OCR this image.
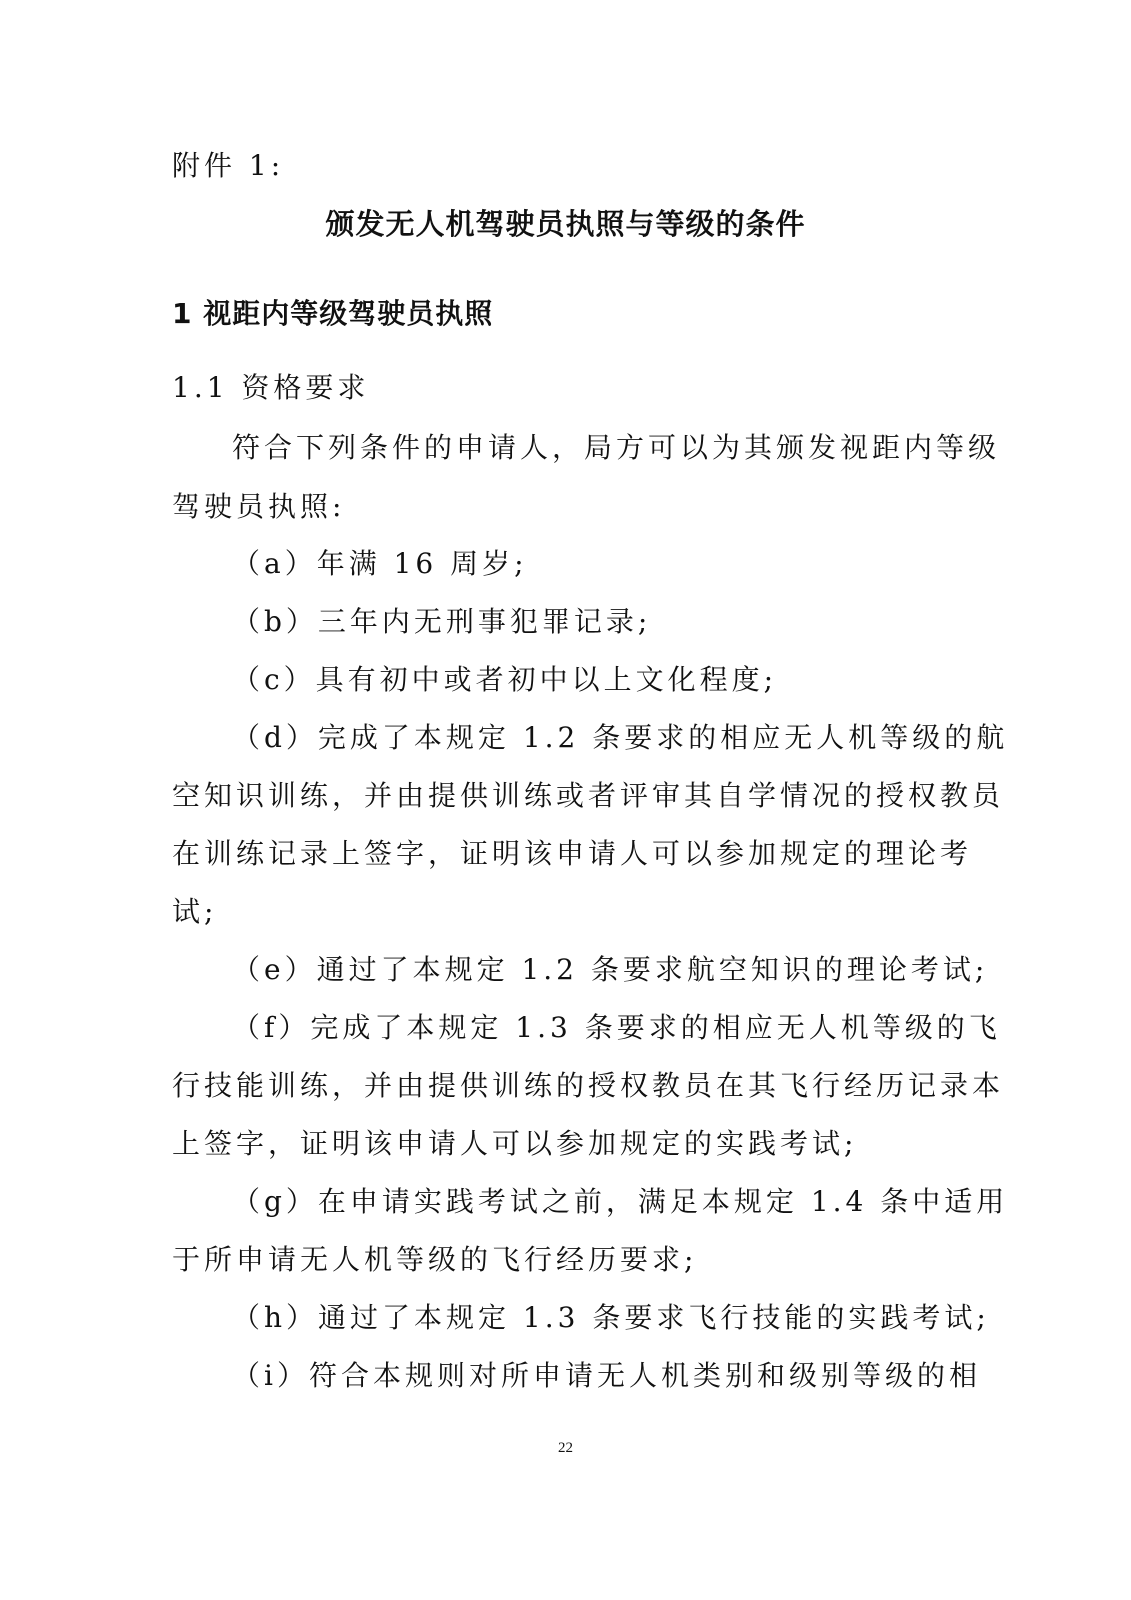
附件 1:
颁发无人机驾驶员执照与等级的条件
1 视距内等级驾驶员执照
1.1 资格要求
符合下列条件的申请人，局方可以为其颁发视距内等级
驾驶员执照:
（a）年满 16 周岁;
（b）三年内无刑事犯罪记录;
（c）具有初中或者初中以上文化程度;
（d）完成了本规定 1.2 条要求的相应无人机等级的航
空知识训练，并由提供训练或者评审其自学情况的授权教员
在训练记录上签字，证明该申请人可以参加规定的理论考
试;
（e）通过了本规定 1.2 条要求航空知识的理论考试;
（f）完成了本规定 1.3 条要求的相应无人机等级的飞
行技能训练，并由提供训练的授权教员在其飞行经历记录本
上签字，证明该申请人可以参加规定的实践考试;
（g）在申请实践考试之前，满足本规定 1.4 条中适用
于所申请无人机等级的飞行经历要求;
（h）通过了本规定 1.3 条要求飞行技能的实践考试;
（i）符合本规则对所申请无人机类别和级别等级的相
22
